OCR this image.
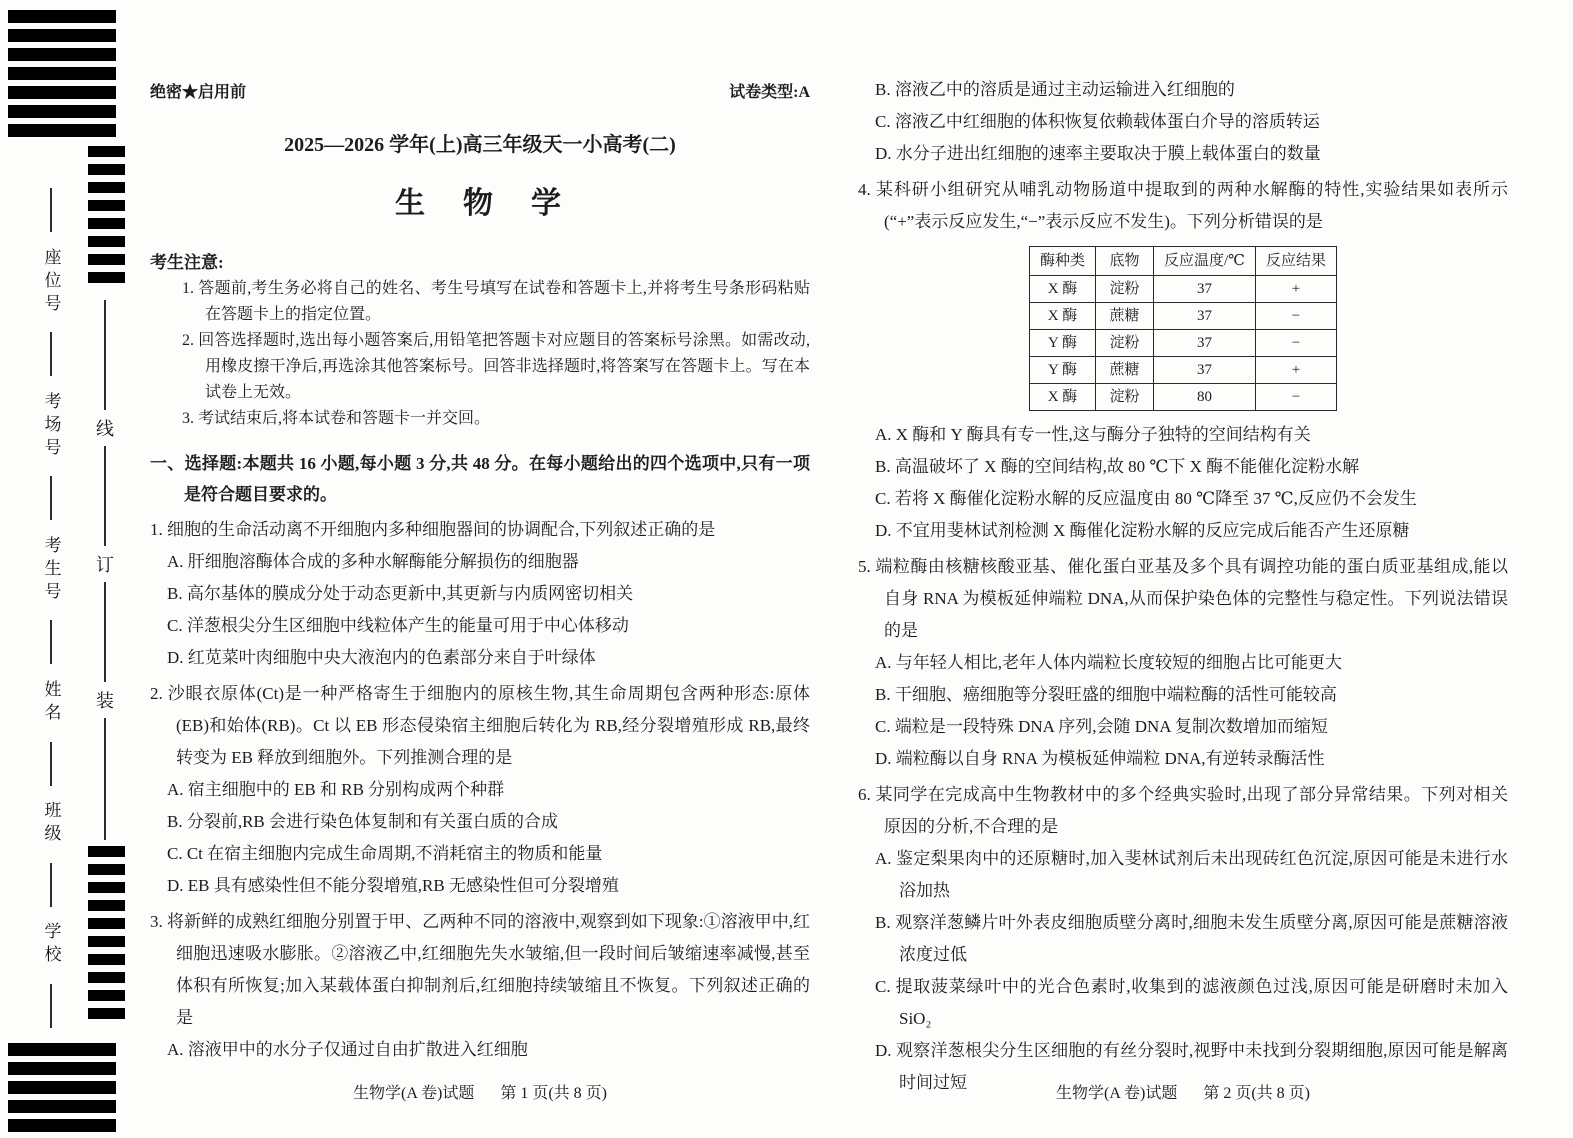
线
订
装
座位号
考场号
考生号
姓名
班级
学校
绝密★启用前	试卷类型:A
2025—2026 学年(上)高三年级天一小高考(二)
生　物　学
考生注意:
1. 答题前,考生务必将自己的姓名、考生号填写在试卷和答题卡上,并将考生号条形码粘贴在答题卡上的指定位置。
2. 回答选择题时,选出每小题答案后,用铅笔把答题卡对应题目的答案标号涂黑。如需改动,用橡皮擦干净后,再选涂其他答案标号。回答非选择题时,将答案写在答题卡上。写在本试卷上无效。
3. 考试结束后,将本试卷和答题卡一并交回。
一、选择题:本题共 16 小题,每小题 3 分,共 48 分。在每小题给出的四个选项中,只有一项是符合题目要求的。
1. 细胞的生命活动离不开细胞内多种细胞器间的协调配合,下列叙述正确的是
A. 肝细胞溶酶体合成的多种水解酶能分解损伤的细胞器
B. 高尔基体的膜成分处于动态更新中,其更新与内质网密切相关
C. 洋葱根尖分生区细胞中线粒体产生的能量可用于中心体移动
D. 红苋菜叶肉细胞中央大液泡内的色素部分来自于叶绿体
2. 沙眼衣原体(Ct)是一种严格寄生于细胞内的原核生物,其生命周期包含两种形态:原体(EB)和始体(RB)。Ct 以 EB 形态侵染宿主细胞后转化为 RB,经分裂增殖形成 RB,最终转变为 EB 释放到细胞外。下列推测合理的是
A. 宿主细胞中的 EB 和 RB 分别构成两个种群
B. 分裂前,RB 会进行染色体复制和有关蛋白质的合成
C. Ct 在宿主细胞内完成生命周期,不消耗宿主的物质和能量
D. EB 具有感染性但不能分裂增殖,RB 无感染性但可分裂增殖
3. 将新鲜的成熟红细胞分别置于甲、乙两种不同的溶液中,观察到如下现象:①溶液甲中,红细胞迅速吸水膨胀。②溶液乙中,红细胞先失水皱缩,但一段时间后皱缩速率减慢,甚至体积有所恢复;加入某载体蛋白抑制剂后,红细胞持续皱缩且不恢复。下列叙述正确的是
A. 溶液甲中的水分子仅通过自由扩散进入红细胞
生物学(A 卷)试题 第 1 页(共 8 页)
B. 溶液乙中的溶质是通过主动运输进入红细胞的
C. 溶液乙中红细胞的体积恢复依赖载体蛋白介导的溶质转运
D. 水分子进出红细胞的速率主要取决于膜上载体蛋白的数量
4. 某科研小组研究从哺乳动物肠道中提取到的两种水解酶的特性,实验结果如表所示(“+”表示反应发生,“−”表示反应不发生)。下列分析错误的是
酶种类	底物	反应温度/℃	反应结果
X 酶	淀粉	37	+
X 酶	蔗糖	37	−
Y 酶	淀粉	37	−
Y 酶	蔗糖	37	+
X 酶	淀粉	80	−
A. X 酶和 Y 酶具有专一性,这与酶分子独特的空间结构有关
B. 高温破坏了 X 酶的空间结构,故 80 ℃下 X 酶不能催化淀粉水解
C. 若将 X 酶催化淀粉水解的反应温度由 80 ℃降至 37 ℃,反应仍不会发生
D. 不宜用斐林试剂检测 X 酶催化淀粉水解的反应完成后能否产生还原糖
5. 端粒酶由核糖核酸亚基、催化蛋白亚基及多个具有调控功能的蛋白质亚基组成,能以自身 RNA 为模板延伸端粒 DNA,从而保护染色体的完整性与稳定性。下列说法错误的是
A. 与年轻人相比,老年人体内端粒长度较短的细胞占比可能更大
B. 干细胞、癌细胞等分裂旺盛的细胞中端粒酶的活性可能较高
C. 端粒是一段特殊 DNA 序列,会随 DNA 复制次数增加而缩短
D. 端粒酶以自身 RNA 为模板延伸端粒 DNA,有逆转录酶活性
6. 某同学在完成高中生物教材中的多个经典实验时,出现了部分异常结果。下列对相关原因的分析,不合理的是
A. 鉴定梨果肉中的还原糖时,加入斐林试剂后未出现砖红色沉淀,原因可能是未进行水浴加热
B. 观察洋葱鳞片叶外表皮细胞质壁分离时,细胞未发生质壁分离,原因可能是蔗糖溶液浓度过低
C. 提取菠菜绿叶中的光合色素时,收集到的滤液颜色过浅,原因可能是研磨时未加入 SiO₂
D. 观察洋葱根尖分生区细胞的有丝分裂时,视野中未找到分裂期细胞,原因可能是解离时间过短
生物学(A 卷)试题 第 2 页(共 8 页)
